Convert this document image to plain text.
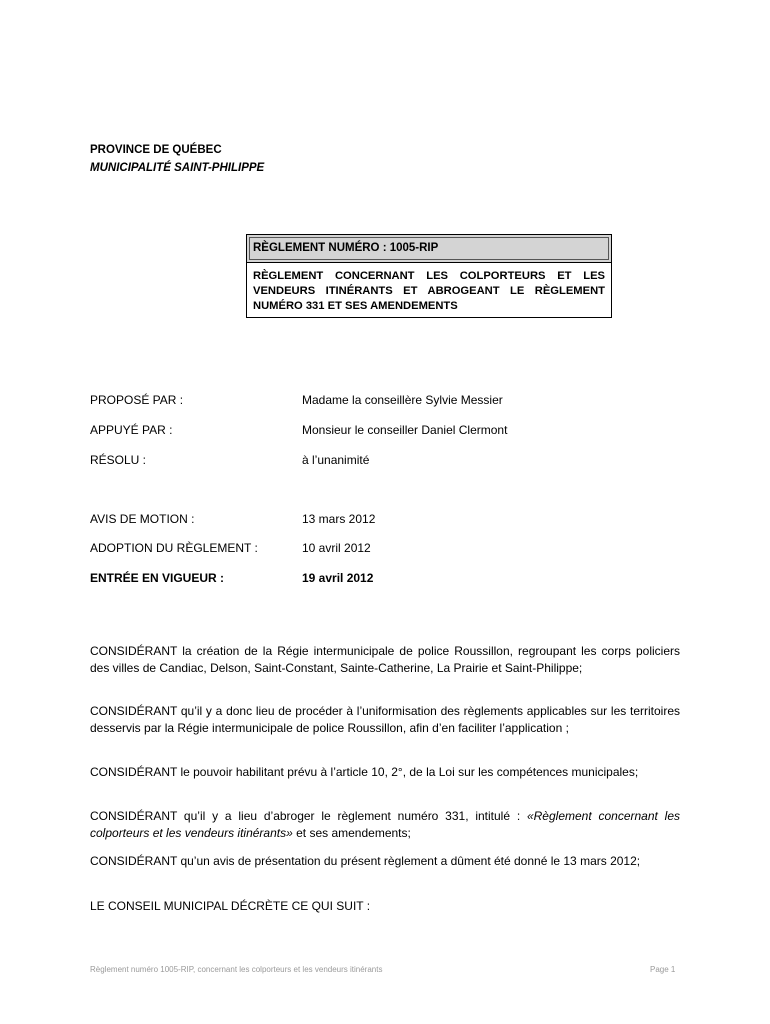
PROVINCE DE QUÉBEC
MUNICIPALITÉ SAINT-PHILIPPE
RÈGLEMENT NUMÉRO : 1005-RIP
RÈGLEMENT CONCERNANT LES COLPORTEURS ET LES VENDEURS ITINÉRANTS ET ABROGEANT LE RÈGLEMENT NUMÉRO 331 ET SES AMENDEMENTS
PROPOSÉ PAR :	Madame la conseillère Sylvie Messier
APPUYÉ PAR :	Monsieur le conseiller Daniel Clermont
RÉSOLU :	à l’unanimité
AVIS DE MOTION :	13 mars 2012
ADOPTION DU RÈGLEMENT :	10 avril 2012
ENTRÉE EN VIGUEUR :	19 avril 2012
CONSIDÉRANT la création de la Régie intermunicipale de police Roussillon, regroupant les corps policiers des villes de Candiac, Delson, Saint-Constant, Sainte-Catherine, La Prairie et Saint-Philippe;
CONSIDÉRANT qu’il y a donc lieu de procéder à l’uniformisation des règlements applicables sur les territoires desservis par la Régie intermunicipale de police Roussillon, afin d’en faciliter l’application ;
CONSIDÉRANT le pouvoir habilitant prévu à l’article 10, 2°, de la Loi sur les compétences municipales;
CONSIDÉRANT qu’il y a lieu d’abroger le règlement numéro 331, intitulé : «Règlement concernant les colporteurs et les vendeurs itinérants» et ses amendements;
CONSIDÉRANT qu’un avis de présentation du présent règlement a dûment été donné le 13 mars 2012;
LE CONSEIL MUNICIPAL DÉCRÈTE CE QUI SUIT :
Règlement numéro 1005-RIP, concernant les colporteurs et les vendeurs itinérants	Page 1
